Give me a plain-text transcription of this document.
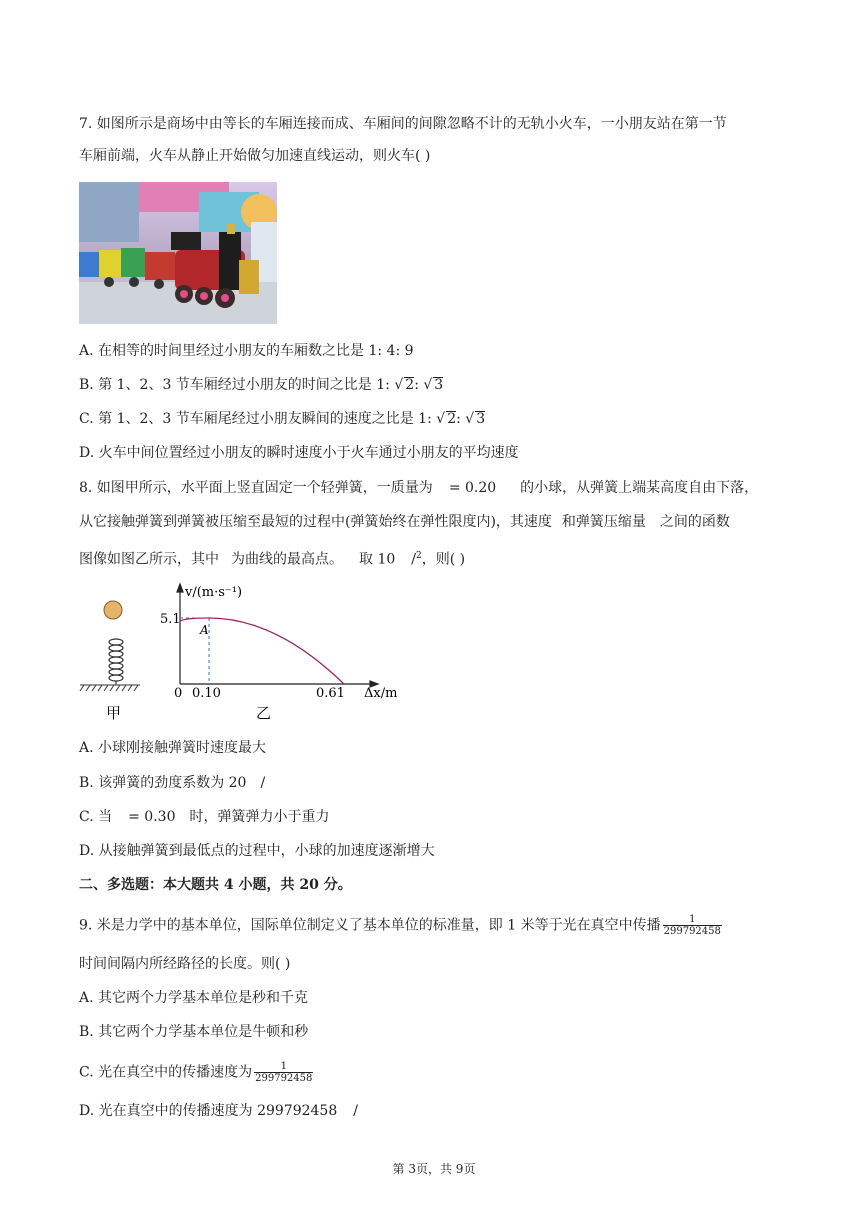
7. 如图所示是商场中由等长的车厢连接而成、车厢间的间隙忽略不计的无轨小火车，一小朋友站在第一节
车厢前端，火车从静止开始做匀加速直线运动，则火车( )
A. 在相等的时间里经过小朋友的车厢数之比是 1: 4: 9
B. 第 1、2、3 节车厢经过小朋友的时间之比是 1: √ 2: √ 3
C. 第 1、2、3 节车厢尾经过小朋友瞬间的速度之比是 1: √ 2: √ 3
D. 火车中间位置经过小朋友的瞬时速度小于火车通过小朋友的平均速度
8. 如图甲所示，水平面上竖直固定一个轻弹簧，一质量为 = 0.20 的小球，从弹簧上端某高度自由下落，
从它接触弹簧到弹簧被压缩至最短的过程中(弹簧始终在弹性限度内)，其速度 和弹簧压缩量 之间的函数
图像如图乙所示，其中 为曲线的最高点。 取 10 /$^2$，则( )
甲
v/(m·s⁻¹)
5.1
0 0.10	0.61 Δx/m
A
乙
A. 小球刚接触弹簧时速度最大
B. 该弹簧的劲度系数为 20 /
C. 当 = 0.30 时，弹簧弹力小于重力
D. 从接触弹簧到最低点的过程中，小球的加速度逐渐增大
二、多选题：本大题共 4 小题，共 20 分。
9. 米是力学中的基本单位，国际单位制定义了基本单位的标准量，即 1 米等于光在真空中传播 $\frac{1}{299792458}$
时间间隔内所经路径的长度。则( )
A. 其它两个力学基本单位是秒和千克
B. 其它两个力学基本单位是牛顿和秒
C. 光在真空中的传播速度为 $\frac{1}{299792458}$
D. 光在真空中的传播速度为 299792458 /
第 3页，共 9页
